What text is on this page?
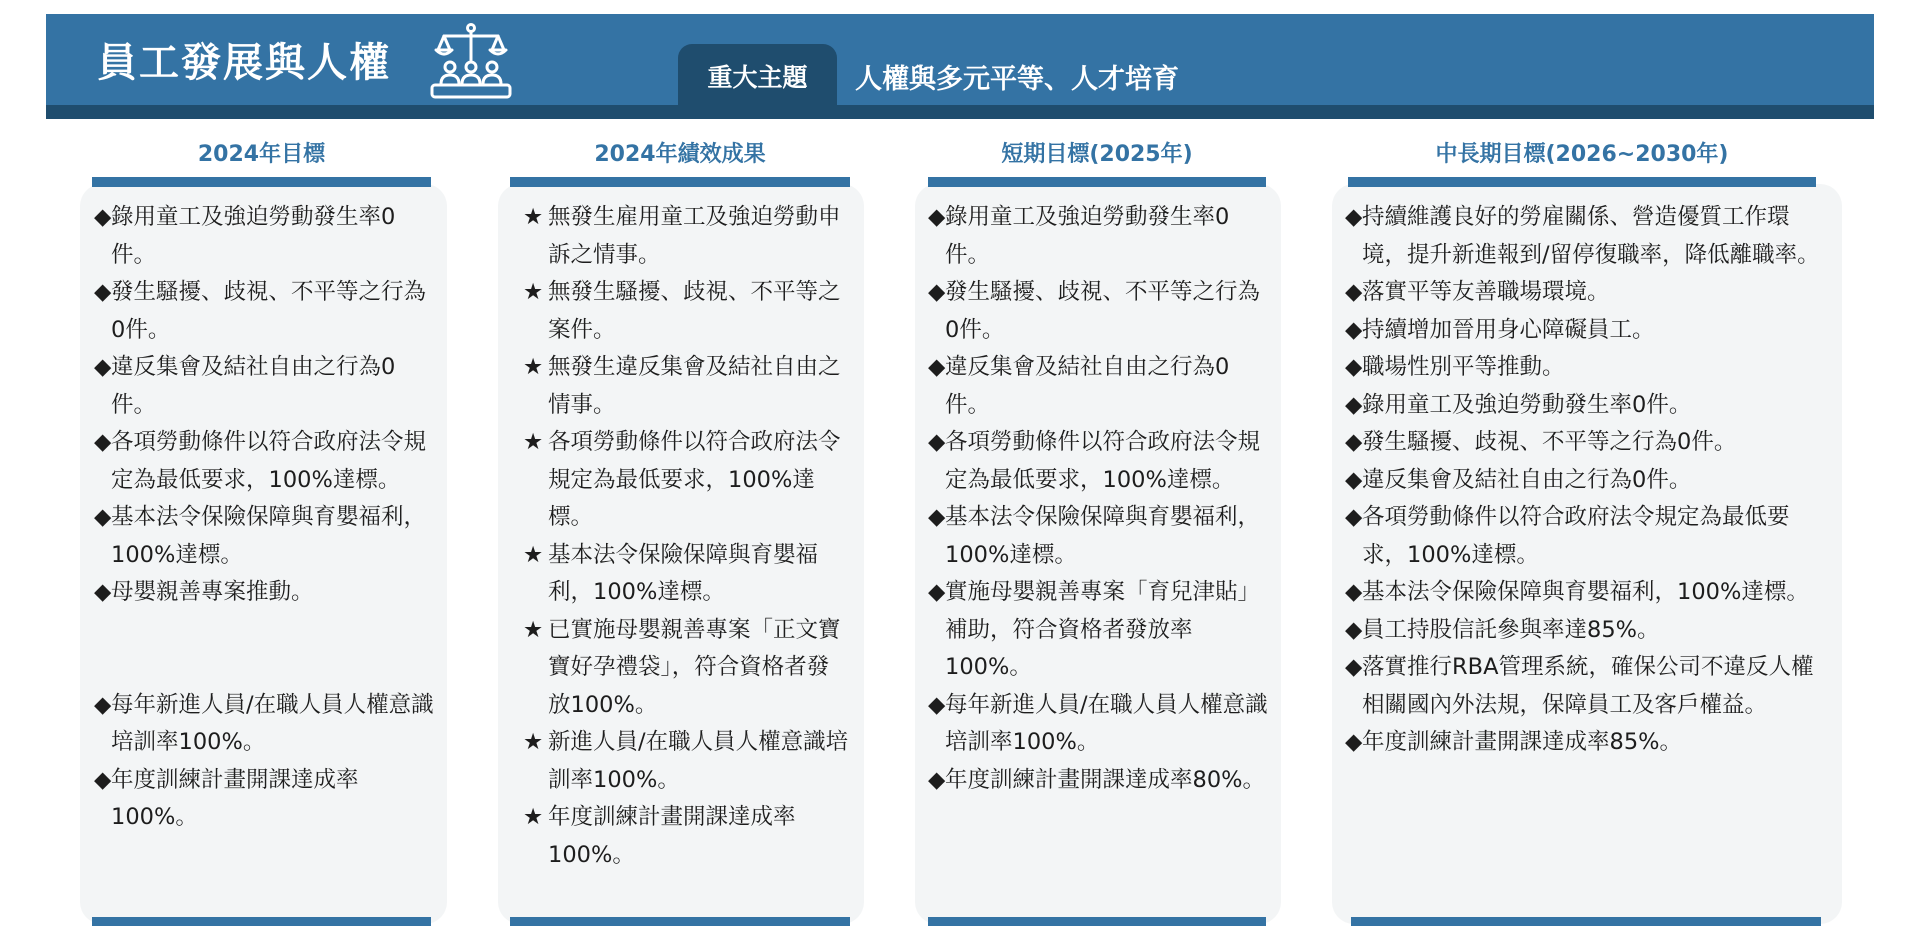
員工發展與人權	重大主題	人權與多元平等、人才培育
2024年目標
◆ 錄用童工及強迫勞動發生率0件。
◆ 發生騷擾、歧視、不平等之行為0件。
◆ 違反集會及結社自由之行為0件。
◆ 各項勞動條件以符合政府法令規定為最低要求，100%達標。
◆ 基本法令保險保障與育嬰福利，100%達標。
◆ 母嬰親善專案推動。
◆ 每年新進人員/在職人員人權意識培訓率100%。
◆ 年度訓練計畫開課達成率100%。
2024年績效成果
★ 無發生雇用童工及強迫勞動申訴之情事。
★ 無發生騷擾、歧視、不平等之案件。
★ 無發生違反集會及結社自由之情事。
★ 各項勞動條件以符合政府法令規定為最低要求，100%達標。
★ 基本法令保險保障與育嬰福利，100%達標。
★ 已實施母嬰親善專案「正文寶寶好孕禮袋」，符合資格者發放100%。
★ 新進人員/在職人員人權意識培訓率100%。
★ 年度訓練計畫開課達成率100%。
短期目標(2025年)
◆ 錄用童工及強迫勞動發生率0件。
◆ 發生騷擾、歧視、不平等之行為0件。
◆ 違反集會及結社自由之行為0件。
◆ 各項勞動條件以符合政府法令規定為最低要求，100%達標。
◆ 基本法令保險保障與育嬰福利，100%達標。
◆ 實施母嬰親善專案「育兒津貼」補助，符合資格者發放率100%。
◆ 每年新進人員/在職人員人權意識培訓率100%。
◆ 年度訓練計畫開課達成率80%。
中長期目標(2026~2030年)
◆ 持續維護良好的勞雇關係、營造優質工作環境，提升新進報到/留停復職率，降低離職率。
◆ 落實平等友善職場環境。
◆ 持續增加晉用身心障礙員工。
◆ 職場性別平等推動。
◆ 錄用童工及強迫勞動發生率0件。
◆ 發生騷擾、歧視、不平等之行為0件。
◆ 違反集會及結社自由之行為0件。
◆ 各項勞動條件以符合政府法令規定為最低要求，100%達標。
◆ 基本法令保險保障與育嬰福利，100%達標。
◆ 員工持股信託參與率達85%。
◆ 落實推行RBA管理系統，確保公司不違反人權相關國內外法規，保障員工及客戶權益。
◆ 年度訓練計畫開課達成率85%。
